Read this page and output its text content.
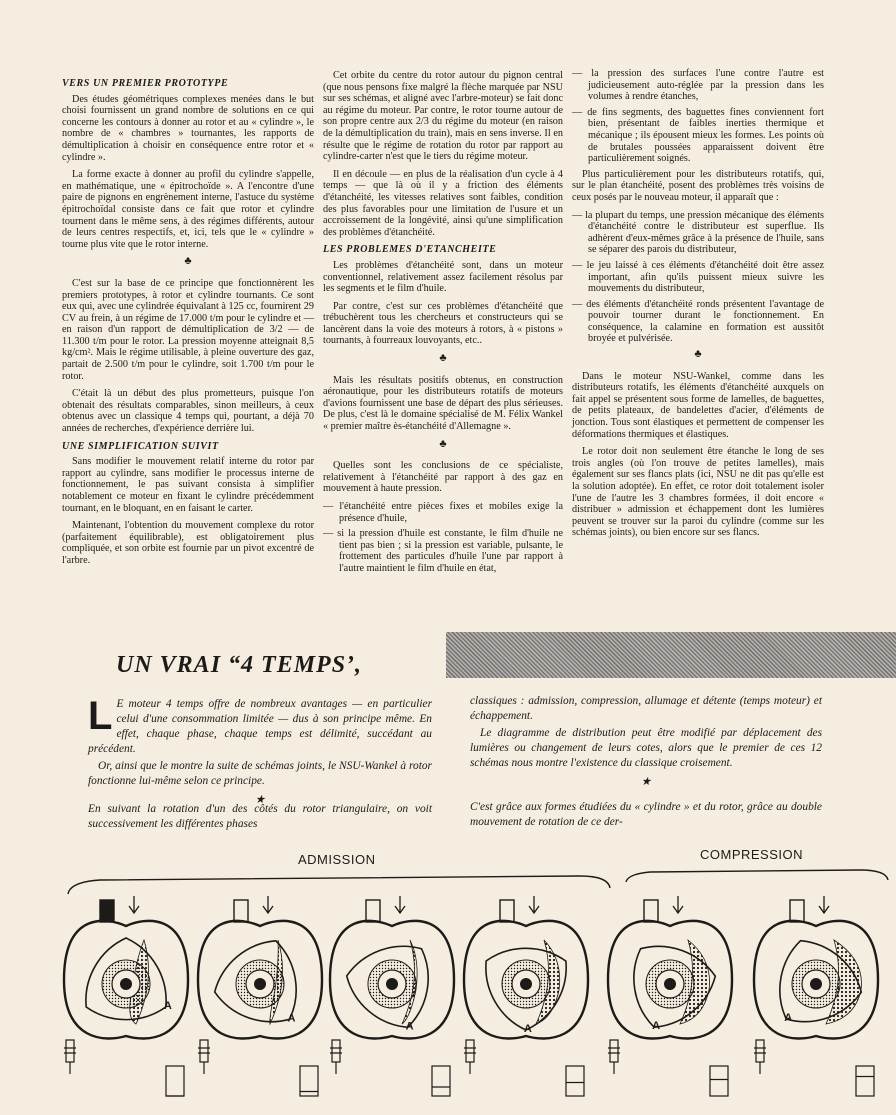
VERS UN PREMIER PROTOTYPE

Des études géométriques complexes menées dans le but choisi fournissent un grand nombre de solutions en ce qui concerne les contours à donner au rotor et au « cylindre », le nombre de « chambres » tournantes, les rapports de démultiplication à choisir en conséquence entre rotor et « cylindre ».

La forme exacte à donner au profil du cylindre s'appelle, en mathématique, une « épitrochoïde ». A l'encontre d'une paire de pignons en engrènement interne, l'astuce du système épitrochoïdal consiste dans ce fait que rotor et cylindre tournent dans le même sens, à des régimes différents, autour de leurs centres respectifs, et, ici, tels que le « cylindre » tourne plus vite que le rotor interne.

♣

C'est sur la base de ce principe que fonctionnèrent les premiers prototypes, à rotor et cylindre tournants. Ce sont eux qui, avec une cylindrée équivalant à 125 cc, fournirent 29 CV au frein, à un régime de 17.000 t/m pour le cylindre et — en raison d'un rapport de démultiplication de 3/2 — de 11.300 t/m pour le rotor. La pression moyenne atteignait 8,5 kg/cm². Mais le régime utilisable, à pleine ouverture des gaz, partait de 2.500 t/m pour le cylindre, soit 1.700 t/m pour le rotor.

C'était là un début des plus prometteurs, puisque l'on obtenait des résultats comparables, sinon meilleurs, à ceux obtenus avec un classique 4 temps qui, pourtant, a déjà 70 années de recherches, d'expérience derrière lui.

UNE SIMPLIFICATION SUIVIT

Sans modifier le mouvement relatif interne du rotor par rapport au cylindre, sans modifier le processus interne de fonctionnement, le pas suivant consista à simplifier notablement ce moteur en fixant le cylindre précédemment tournant, en le bloquant, en en faisant le carter.

Maintenant, l'obtention du mouvement complexe du rotor (parfaitement équilibrable), est obligatoirement plus compliquée, et son orbite est fournie par un pivot excentré de l'arbre.

Cet orbite du centre du rotor autour du pignon central (que nous pensons fixe malgré la flèche marquée par NSU sur ses schémas, et aligné avec l'arbre-moteur) se fait donc au régime du moteur. Par contre, le rotor tourne autour de son propre centre aux 2/3 du régime du moteur (en raison de la démultiplication du train), mais en sens inverse. Il en résulte que le régime de rotation du rotor par rapport au cylindre-carter n'est que le tiers du régime moteur.

Il en découle — en plus de la réalisation d'un cycle à 4 temps — que là où il y a friction des éléments d'étanchéité, les vitesses relatives sont faibles, condition des plus favorables pour une limitation de l'usure et un accroissement de la longévité, ainsi qu'une simplification des problèmes d'étanchéité.

LES PROBLEMES D'ETANCHEITE

Les problèmes d'étanchéité sont, dans un moteur conventionnel, relativement assez facilement résolus par les segments et le film d'huile.

Par contre, c'est sur ces problèmes d'étanchéité que trébuchèrent tous les chercheurs et constructeurs qui se lancèrent dans la voie des moteurs à rotors, à « pistons » tournants, à fourreaux louvoyants, etc..

♣

Mais les résultats positifs obtenus, en construction aéronautique, pour les distributeurs rotatifs de moteurs d'avions fournissent une base de départ des plus sérieuses. De plus, c'est là le domaine spécialisé de M. Félix Wankel « premier maître ès-étanchéité d'Allemagne ».

♣

Quelles sont les conclusions de ce spécialiste, relativement à l'étanchéité par rapport à des gaz en mouvement à haute pression.

— l'étanchéité entre pièces fixes et mobiles exige la présence d'huile,

— si la pression d'huile est constante, le film d'huile ne tient pas bien ; si la pression est variable, pulsante, le frottement des particules d'huile l'une par rapport à l'autre maintient le film d'huile en état,

— la pression des surfaces l'une contre l'autre est judicieusement auto-réglée par la pression dans les volumes à rendre étanches,

— de fins segments, des baguettes fines conviennent fort bien, présentant de faibles inerties thermique et mécanique ; ils épousent mieux les formes. Les points où de brutales poussées apparaissent doivent être particulièrement soignés.

Plus particulièrement pour les distributeurs rotatifs, qui, sur le plan étanchéité, posent des problèmes très voisins de ceux posés par le nouveau moteur, il apparaît que :

— la plupart du temps, une pression mécanique des éléments d'étanchéité contre le distributeur est superflue. Ils adhèrent d'eux-mêmes grâce à la présence de l'huile, sans se séparer des parois du distributeur,

— le jeu laissé à ces éléments d'étanchéité doit être assez important, afin qu'ils puissent mieux suivre les mouvements du distributeur,

— des éléments d'étanchéité ronds présentent l'avantage de pouvoir tourner durant le fonctionnement. En conséquence, la calamine en formation est aussitôt broyée et pulvérisée.

♣

Dans le moteur NSU-Wankel, comme dans les distributeurs rotatifs, les éléments d'étanchéité auxquels on fait appel se présentent sous forme de lamelles, de baguettes, de petits plateaux, de bandelettes d'acier, d'éléments de jonction. Tous sont élastiques et permettent de compenser les déformations thermiques et élastiques.

Le rotor doit non seulement être étanche le long de ses trois angles (où l'on trouve de petites lamelles), mais également sur ses flancs plats (ici, NSU ne dit pas qu'elle est la solution adoptée). En effet, ce rotor doit totalement isoler l'une de l'autre les 3 chambres formées, il doit encore « distribuer » admission et échappement dont les lumières peuvent se trouver sur la paroi du cylindre (comme sur les schémas joints), ou bien encore sur ses flancs.

UN VRAI “4 TEMPS’,

L E moteur 4 temps offre de nombreux avantages — en particulier celui d'une consommation limitée — dus à son principe même. En effet, chaque phase, chaque temps est délimité, succédant au précédent.

Or, ainsi que le montre la suite de schémas joints, le NSU-Wankel à rotor fonctionne lui-même selon ce principe.

★

classiques : admission, compression, allumage et détente (temps moteur) et échappement.

Le diagramme de distribution peut être modifié par déplacement des lumières ou changement de leurs cotes, alors que le premier de ces 12 schémas nous montre l'existence du classique croisement.

★

En suivant la rotation d'un des côtés du rotor triangulaire, on voit successivement les différentes phases
C'est grâce aux formes étudiées du « cylindre » et du rotor, grâce au double mouvement de rotation de ce der-
ADMISSION	COMPRESSION
A
A
A	A	A
A
